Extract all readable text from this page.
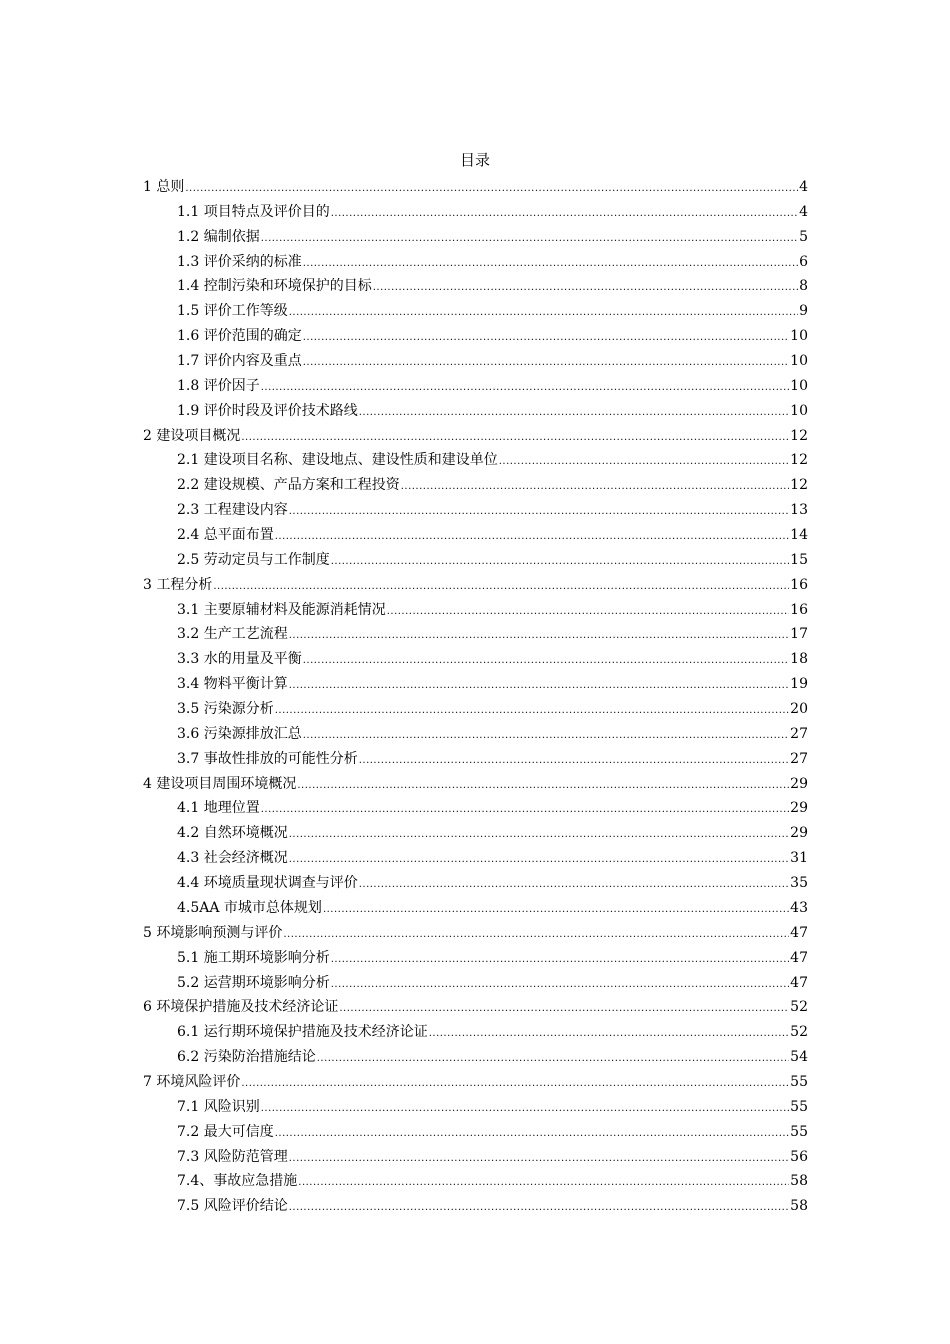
目录
1 总则 .....	4
1.1 项目特点及评价目的 .....	4
1.2 编制依据 .....	5
1.3 评价采纳的标准 .....	6
1.4 控制污染和环境保护的目标 .....	8
1.5 评价工作等级 .....	9
1.6 评价范围的确定 .....	10
1.7 评价内容及重点 .....	10
1.8 评价因子 .....	10
1.9 评价时段及评价技术路线 .....	10
2 建设项目概况 .....	12
2.1 建设项目名称、建设地点、建设性质和建设单位 .....	12
2.2 建设规模、产品方案和工程投资 .....	12
2.3 工程建设内容 .....	13
2.4 总平面布置 .....	14
2.5 劳动定员与工作制度 .....	15
3 工程分析 .....	16
3.1 主要原辅材料及能源消耗情况 .....	16
3.2 生产工艺流程 .....	17
3.3 水的用量及平衡 .....	18
3.4 物料平衡计算 .....	19
3.5 污染源分析 .....	20
3.6 污染源排放汇总 .....	27
3.7 事故性排放的可能性分析 .....	27
4 建设项目周围环境概况 .....	29
4.1 地理位置 .....	29
4.2 自然环境概况 .....	29
4.3 社会经济概况 .....	31
4.4 环境质量现状调查与评价 .....	35
4.5AA 市城市总体规划 .....	43
5 环境影响预测与评价 .....	47
5.1 施工期环境影响分析 .....	47
5.2 运营期环境影响分析 .....	47
6 环境保护措施及技术经济论证 .....	52
6.1 运行期环境保护措施及技术经济论证 .....	52
6.2 污染防治措施结论 .....	54
7 环境风险评价 .....	55
7.1 风险识别 .....	55
7.2 最大可信度 .....	55
7.3 风险防范管理 .....	56
7.4、事故应急措施 .....	58
7.5 风险评价结论 .....	58
